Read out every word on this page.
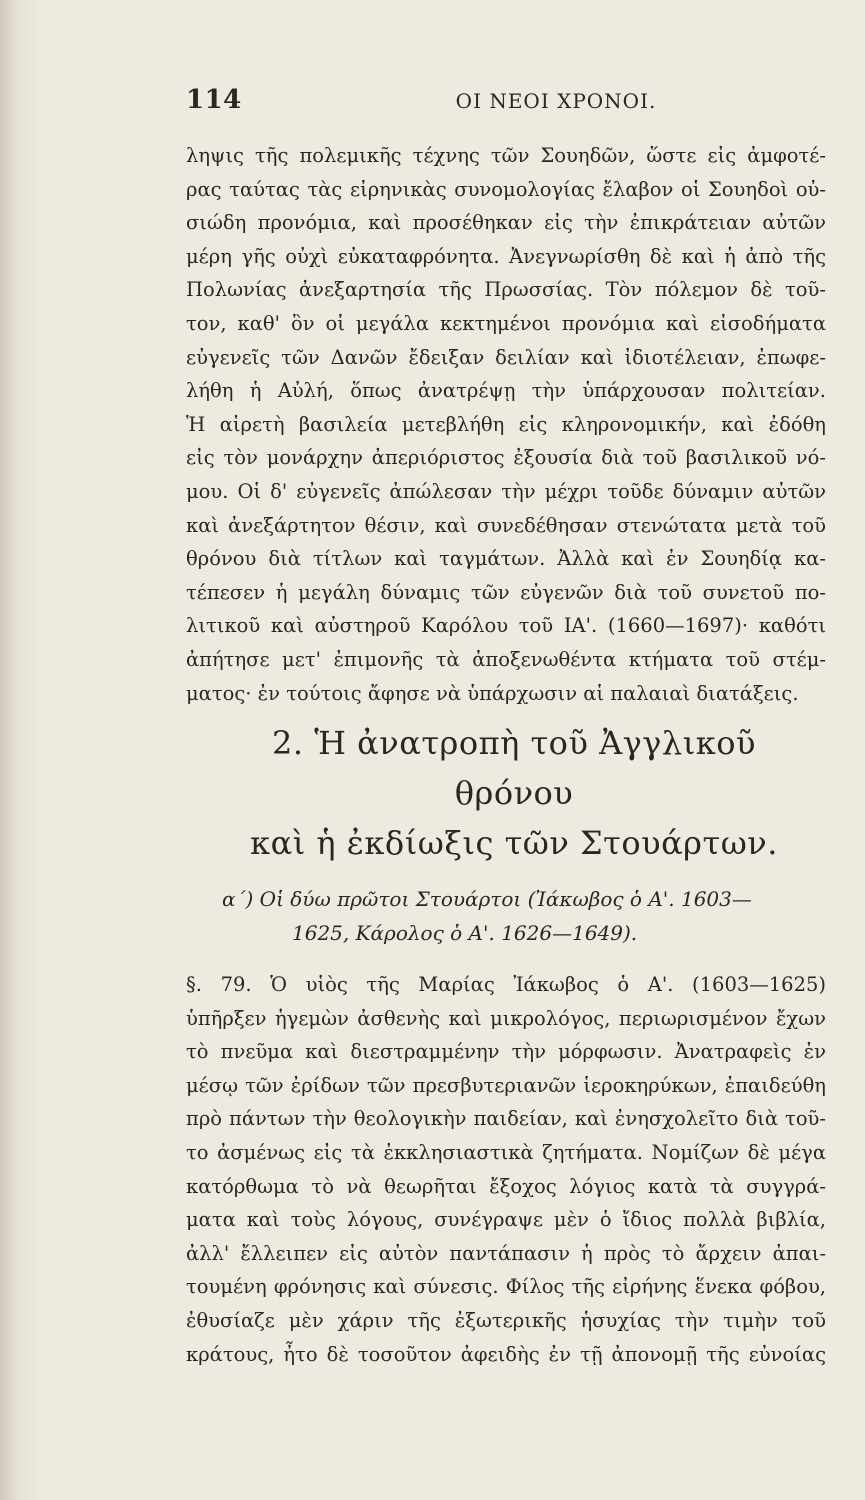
114	ΟΙ ΝΕΟΙ ΧΡΟΝΟΙ.
ληψις τῆς πολεμικῆς τέχνης τῶν Σουηδῶν, ὥστε εἰς ἀμφοτέ-
ρας ταύτας τὰς εἰρηνικὰς συνομολογίας ἔλαβον οἱ Σουηδοὶ οὐ-
σιώδη προνόμια, καὶ προσέθηκαν εἰς τὴν ἐπικράτειαν αὐτῶν
μέρη γῆς οὐχὶ εὐκαταφρόνητα. Ἀνεγνωρίσθη δὲ καὶ ἡ ἀπὸ τῆς
Πολωνίας ἀνεξαρτησία τῆς Πρωσσίας. Τὸν πόλεμον δὲ τοῦ-
τον, καθ' ὃν οἱ μεγάλα κεκτημένοι προνόμια καὶ εἰσοδήματα
εὐγενεῖς τῶν Δανῶν ἔδειξαν δειλίαν καὶ ἰδιοτέλειαν, ἐπωφε-
λήθη ἡ Αὐλή, ὅπως ἀνατρέψῃ τὴν ὑπάρχουσαν πολιτείαν.
Ἡ αἱρετὴ βασιλεία μετεβλήθη εἰς κληρονομικήν, καὶ ἐδόθη
εἰς τὸν μονάρχην ἀπεριόριστος ἐξουσία διὰ τοῦ βασιλικοῦ νό-
μου. Οἱ δ' εὐγενεῖς ἀπώλεσαν τὴν μέχρι τοῦδε δύναμιν αὐτῶν
καὶ ἀνεξάρτητον θέσιν, καὶ συνεδέθησαν στενώτατα μετὰ τοῦ
θρόνου διὰ τίτλων καὶ ταγμάτων. Ἀλλὰ καὶ ἐν Σουηδίᾳ κα-
τέπεσεν ἡ μεγάλη δύναμις τῶν εὐγενῶν διὰ τοῦ συνετοῦ πο-
λιτικοῦ καὶ αὐστηροῦ Καρόλου τοῦ ΙΑ'. (1660—1697)· καθότι
ἀπήτησε μετ' ἐπιμονῆς τὰ ἀποξενωθέντα κτήματα τοῦ στέμ-
ματος· ἐν τούτοις ἄφησε νὰ ὑπάρχωσιν αἱ παλαιαὶ διατάξεις.
2. Ἡ ἀνατροπὴ τοῦ Ἀγγλικοῦ θρόνου
καὶ ἡ ἐκδίωξις τῶν Στουάρτων.
α΄) Οἱ δύω πρῶτοι Στουάρτοι (Ἰάκωβος ὁ Α'. 1603—
1625, Κάρολος ὁ Α'. 1626—1649).
§. 79. Ὁ υἱὸς τῆς Μαρίας Ἰάκωβος ὁ Α'. (1603—1625)
ὑπῆρξεν ἡγεμὼν ἀσθενὴς καὶ μικρολόγος, περιωρισμένον ἔχων
τὸ πνεῦμα καὶ διεστραμμένην τὴν μόρφωσιν. Ἀνατραφεὶς ἐν
μέσῳ τῶν ἐρίδων τῶν πρεσβυτεριανῶν ἱεροκηρύκων, ἐπαιδεύθη
πρὸ πάντων τὴν θεολογικὴν παιδείαν, καὶ ἐνησχολεῖτο διὰ τοῦ-
το ἀσμένως εἰς τὰ ἐκκλησιαστικὰ ζητήματα. Νομίζων δὲ μέγα
κατόρθωμα τὸ νὰ θεωρῆται ἔξοχος λόγιος κατὰ τὰ συγγρά-
ματα καὶ τοὺς λόγους, συνέγραψε μὲν ὁ ἴδιος πολλὰ βιβλία,
ἀλλ' ἔλλειπεν εἰς αὐτὸν παντάπασιν ἡ πρὸς τὸ ἄρχειν ἀπαι-
τουμένη φρόνησις καὶ σύνεσις. Φίλος τῆς εἰρήνης ἕνεκα φόβου,
ἐθυσίαζε μὲν χάριν τῆς ἐξωτερικῆς ἡσυχίας τὴν τιμὴν τοῦ
κράτους, ἦτο δὲ τοσοῦτον ἀφειδὴς ἐν τῇ ἀπονομῇ τῆς εὐνοίας
